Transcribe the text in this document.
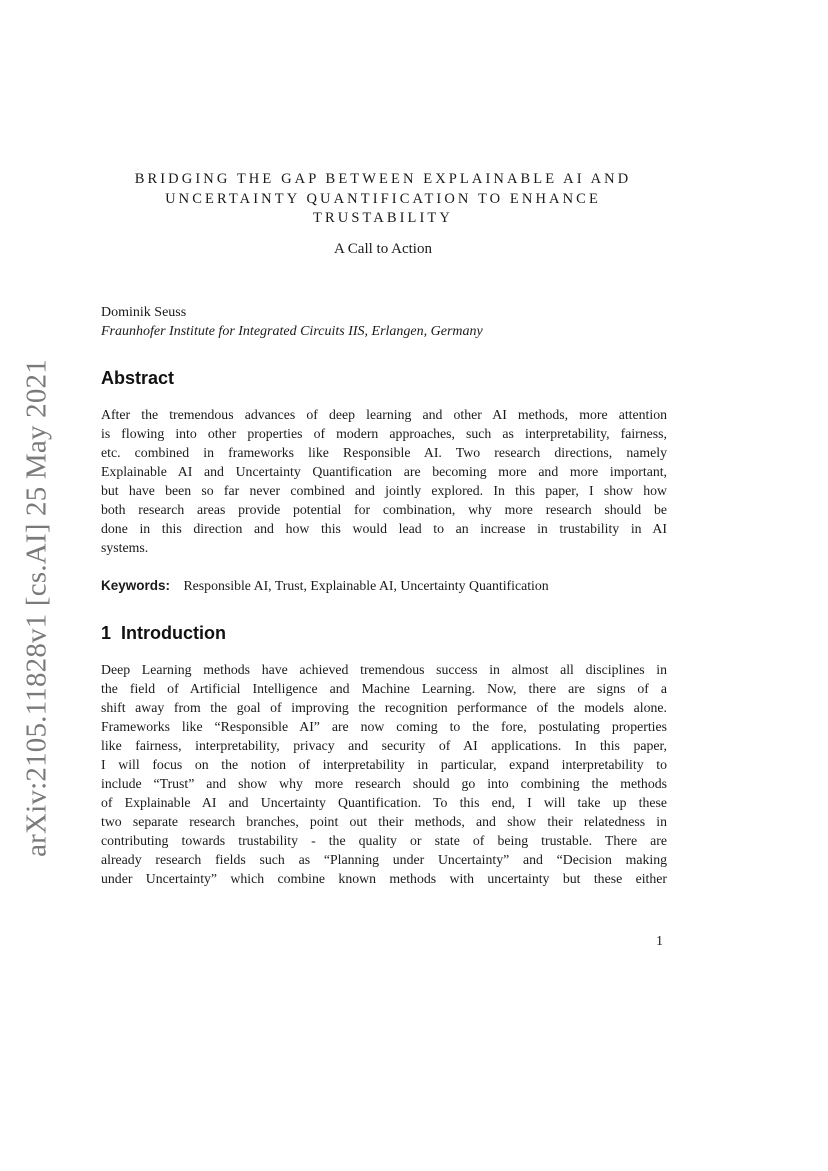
arXiv:2105.11828v1 [cs.AI] 25 May 2021
BRIDGING THE GAP BETWEEN EXPLAINABLE AI AND
UNCERTAINTY QUANTIFICATION TO ENHANCE
TRUSTABILITY
A Call to Action
Dominik Seuss
Fraunhofer Institute for Integrated Circuits IIS, Erlangen, Germany
Abstract
After the tremendous advances of deep learning and other AI methods, more attention
is flowing into other properties of modern approaches, such as interpretability, fairness,
etc. combined in frameworks like Responsible AI. Two research directions, namely
Explainable AI and Uncertainty Quantification are becoming more and more important,
but have been so far never combined and jointly explored. In this paper, I show how
both research areas provide potential for combination, why more research should be
done in this direction and how this would lead to an increase in trustability in AI
systems.
Keywords: Responsible AI, Trust, Explainable AI, Uncertainty Quantification
1 Introduction
Deep Learning methods have achieved tremendous success in almost all disciplines in
the field of Artificial Intelligence and Machine Learning. Now, there are signs of a
shift away from the goal of improving the recognition performance of the models alone.
Frameworks like “Responsible AI” are now coming to the fore, postulating properties
like fairness, interpretability, privacy and security of AI applications. In this paper,
I will focus on the notion of interpretability in particular, expand interpretability to
include “Trust” and show why more research should go into combining the methods
of Explainable AI and Uncertainty Quantification. To this end, I will take up these
two separate research branches, point out their methods, and show their relatedness in
contributing towards trustability - the quality or state of being trustable. There are
already research fields such as “Planning under Uncertainty” and “Decision making
under Uncertainty” which combine known methods with uncertainty but these either
1
